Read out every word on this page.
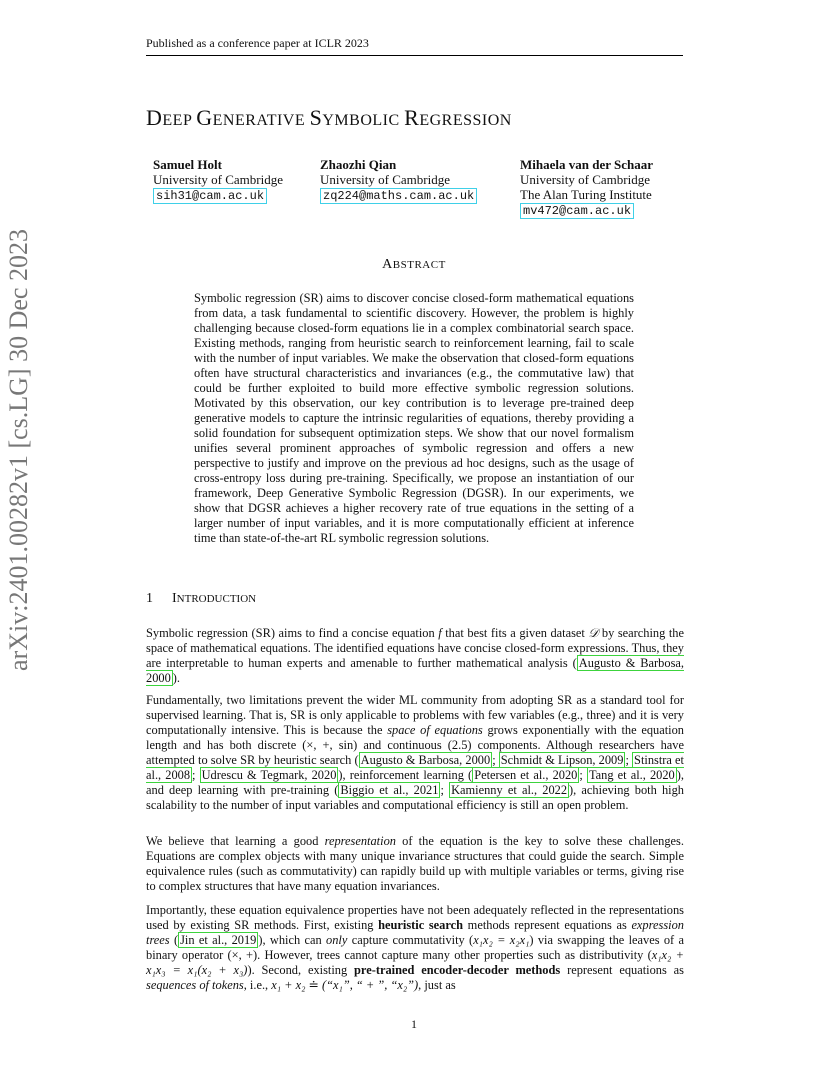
Published as a conference paper at ICLR 2023
arXiv:2401.00282v1 [cs.LG] 30 Dec 2023
DEEP GENERATIVE SYMBOLIC REGRESSION
Samuel Holt
University of Cambridge
sih31@cam.ac.uk
Zhaozhi Qian
University of Cambridge
zq224@maths.cam.ac.uk
Mihaela van der Schaar
University of Cambridge
The Alan Turing Institute
mv472@cam.ac.uk
ABSTRACT
Symbolic regression (SR) aims to discover concise closed-form mathematical equations from data, a task fundamental to scientific discovery. However, the problem is highly challenging because closed-form equations lie in a complex combinatorial search space. Existing methods, ranging from heuristic search to reinforcement learning, fail to scale with the number of input variables. We make the observation that closed-form equations often have structural characteristics and invariances (e.g., the commutative law) that could be further exploited to build more effective symbolic regression solutions. Motivated by this observation, our key contribution is to leverage pre-trained deep generative models to capture the intrinsic regularities of equations, thereby providing a solid foundation for subsequent optimization steps. We show that our novel formalism unifies several prominent approaches of symbolic regression and offers a new perspective to justify and improve on the previous ad hoc designs, such as the usage of cross-entropy loss during pre-training. Specifically, we propose an instantiation of our framework, Deep Generative Symbolic Regression (DGSR). In our experiments, we show that DGSR achieves a higher recovery rate of true equations in the setting of a larger number of input variables, and it is more computationally efficient at inference time than state-of-the-art RL symbolic regression solutions.
1 INTRODUCTION
Symbolic regression (SR) aims to find a concise equation f that best fits a given dataset 𝒟 by searching the space of mathematical equations. The identified equations have concise closed-form expressions. Thus, they are interpretable to human experts and amenable to further mathematical analysis ( Augusto & Barbosa, 2000 ).
Fundamentally, two limitations prevent the wider ML community from adopting SR as a standard tool for supervised learning. That is, SR is only applicable to problems with few variables (e.g., three) and it is very computationally intensive. This is because the space of equations grows exponentially with the equation length and has both discrete (×, +, sin) and continuous (2.5) components. Although researchers have attempted to solve SR by heuristic search ( Augusto & Barbosa, 2000 ; Schmidt & Lipson, 2009 ; Stinstra et al., 2008 ; Udrescu & Tegmark, 2020 ), reinforcement learning ( Petersen et al., 2020 ; Tang et al., 2020 ), and deep learning with pre-training ( Biggio et al., 2021 ; Kamienny et al., 2022 ), achieving both high scalability to the number of input variables and computational efficiency is still an open problem.
We believe that learning a good representation of the equation is the key to solve these challenges. Equations are complex objects with many unique invariance structures that could guide the search. Simple equivalence rules (such as commutativity) can rapidly build up with multiple variables or terms, giving rise to complex structures that have many equation invariances.
Importantly, these equation equivalence properties have not been adequately reflected in the representations used by existing SR methods. First, existing heuristic search methods represent equations as expression trees ( Jin et al., 2019 ), which can only capture commutativity (x₁x₂ = x₂x₁) via swapping the leaves of a binary operator (×, +). However, trees cannot capture many other properties such as distributivity (x₁x₂ + x₁x₃ = x₁(x₂ + x₃)). Second, existing pre-trained encoder-decoder methods represent equations as sequences of tokens, i.e., x₁ + x₂ ≐ (“x₁”, “ + ”, “x₂”), just as
1
